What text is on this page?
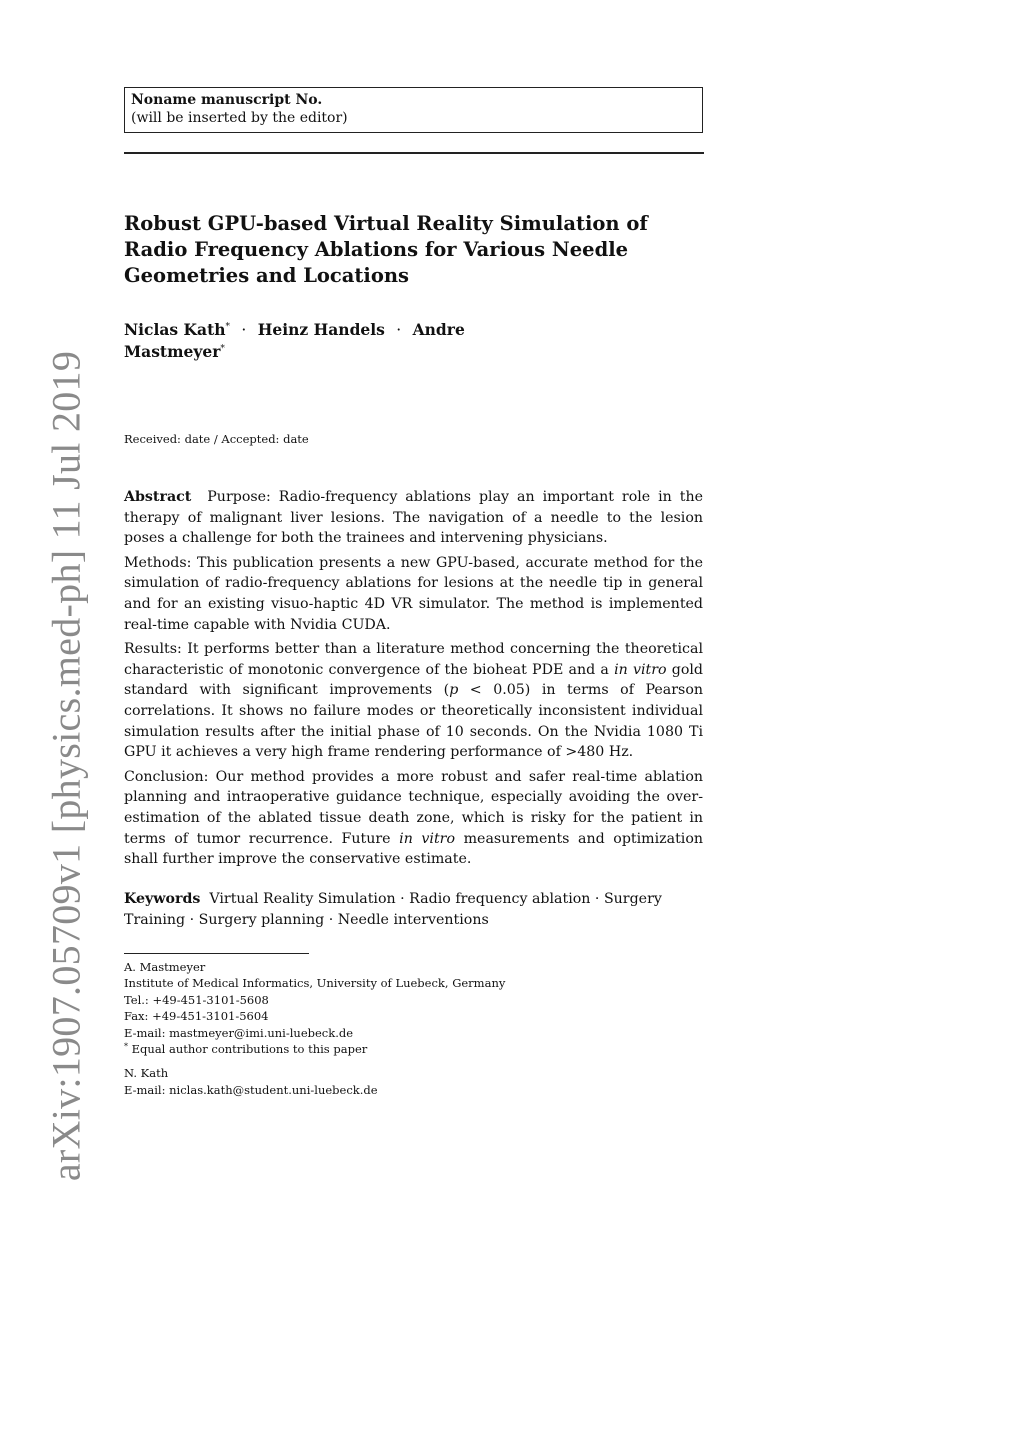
arXiv:1907.05709v1 [physics.med-ph] 11 Jul 2019
Noname manuscript No.
(will be inserted by the editor)
Robust GPU-based Virtual Reality Simulation of Radio Frequency Ablations for Various Needle Geometries and Locations
Niclas Kath* · Heinz Handels · Andre
Mastmeyer*
Received: date / Accepted: date

Abstract Purpose: Radio-frequency ablations play an important role in the therapy of malignant liver lesions. The navigation of a needle to the lesion poses a challenge for both the trainees and intervening physicians.

Methods: This publication presents a new GPU-based, accurate method for the simulation of radio-frequency ablations for lesions at the needle tip in general and for an existing visuo-haptic 4D VR simulator. The method is implemented real-time capable with Nvidia CUDA.

Results: It performs better than a literature method concerning the theoretical characteristic of monotonic convergence of the bioheat PDE and a in vitro gold standard with significant improvements (p < 0.05) in terms of Pearson correlations. It shows no failure modes or theoretically inconsistent individual simulation results after the initial phase of 10 seconds. On the Nvidia 1080 Ti GPU it achieves a very high frame rendering performance of >480 Hz.

Conclusion: Our method provides a more robust and safer real-time ablation planning and intraoperative guidance technique, especially avoiding the over-estimation of the ablated tissue death zone, which is risky for the patient in terms of tumor recurrence. Future in vitro measurements and optimization shall further improve the conservative estimate.

Keywords Virtual Reality Simulation · Radio frequency ablation · Surgery Training · Surgery planning · Needle interventions
A. Mastmeyer
Institute of Medical Informatics, University of Luebeck, Germany
Tel.: +49-451-3101-5608
Fax: +49-451-3101-5604
E-mail: mastmeyer@imi.uni-luebeck.de
* Equal author contributions to this paper
N. Kath
E-mail: niclas.kath@student.uni-luebeck.de
